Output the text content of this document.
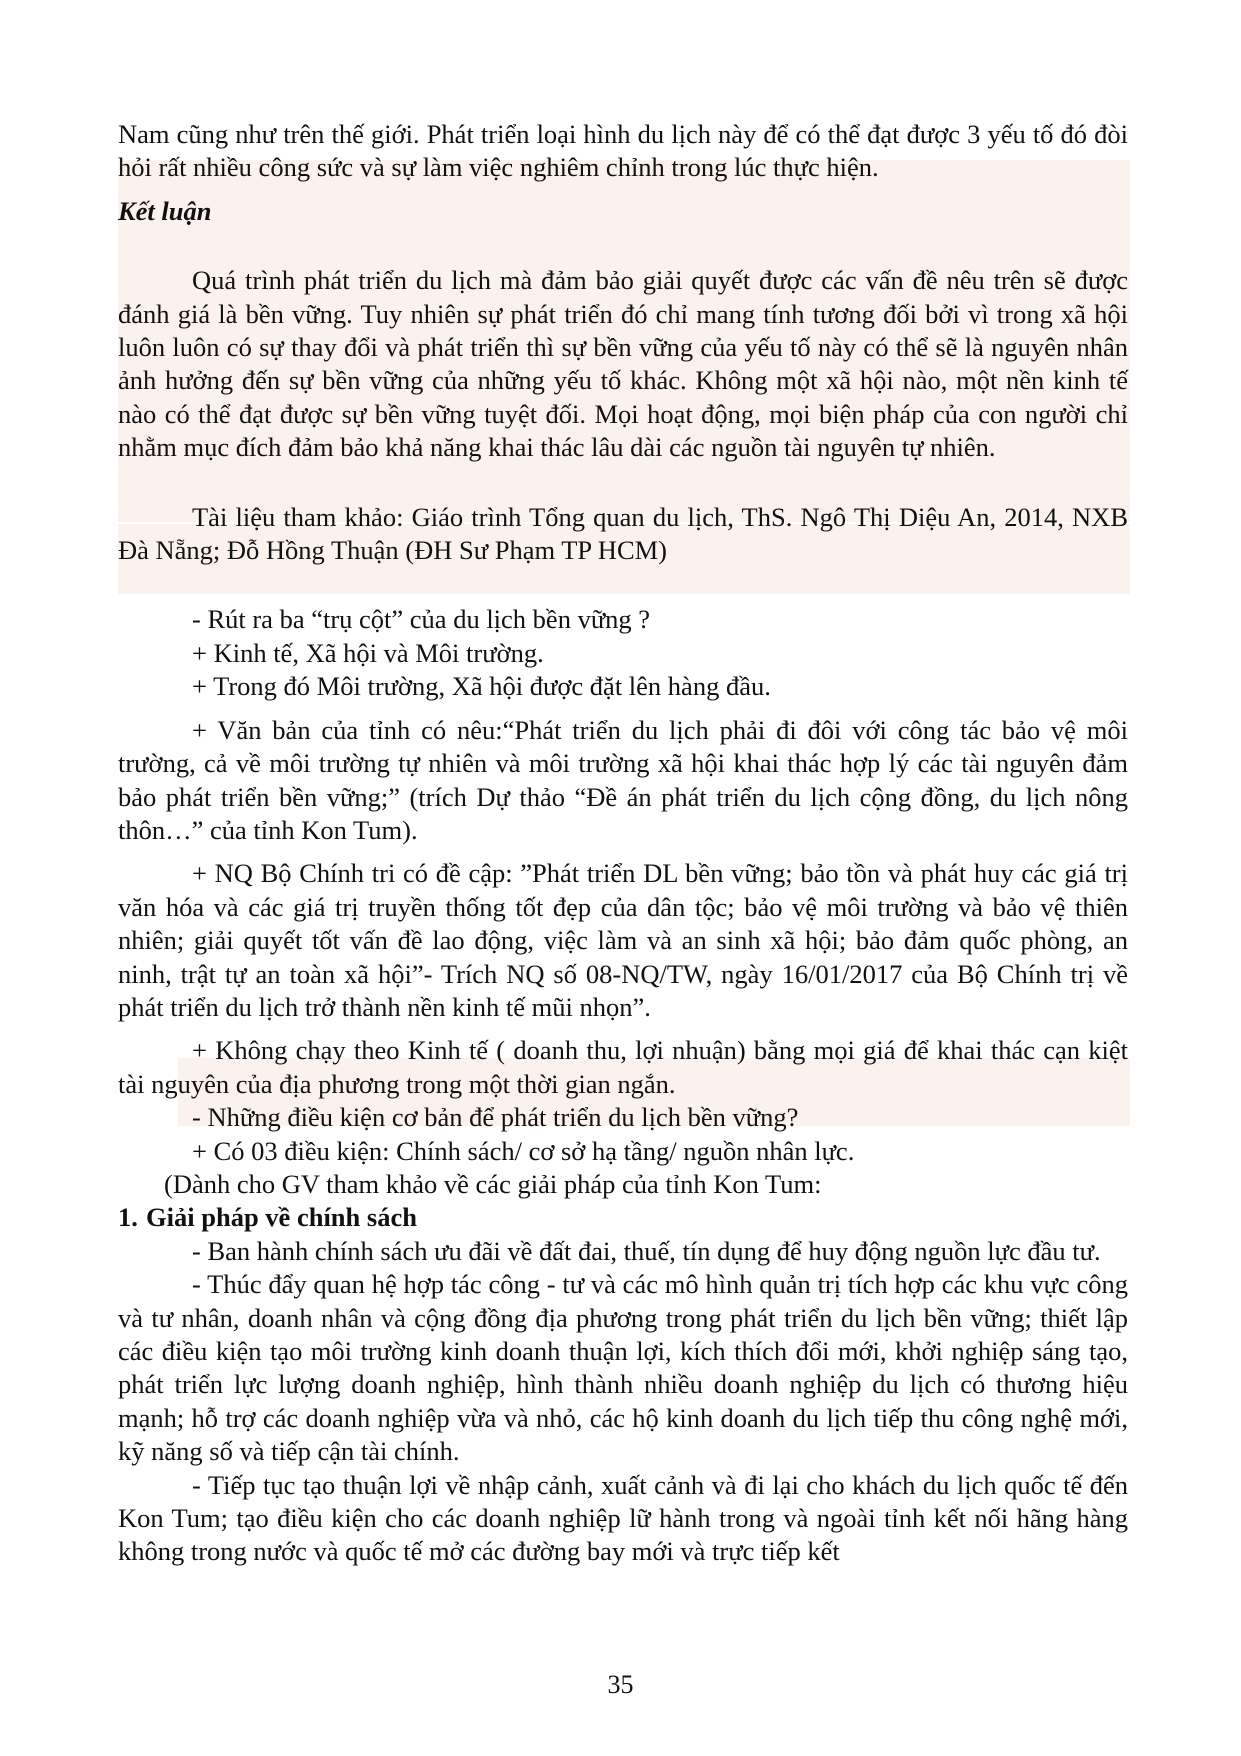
Nam cũng như trên thế giới. Phát triển loại hình du lịch này để có thể đạt được 3 yếu tố đó đòi hỏi rất nhiều công sức và sự làm việc nghiêm chỉnh trong lúc thực hiện.

Kết luận

Quá trình phát triển du lịch mà đảm bảo giải quyết được các vấn đề nêu trên sẽ được đánh giá là bền vững. Tuy nhiên sự phát triển đó chỉ mang tính tương đối bởi vì trong xã hội luôn luôn có sự thay đổi và phát triển thì sự bền vững của yếu tố này có thể sẽ là nguyên nhân ảnh hưởng đến sự bền vững của những yếu tố khác. Không một xã hội nào, một nền kinh tế nào có thể đạt được sự bền vững tuyệt đối. Mọi hoạt động, mọi biện pháp của con người chỉ nhằm mục đích đảm bảo khả năng khai thác lâu dài các nguồn tài nguyên tự nhiên.

Tài liệu tham khảo: Giáo trình Tổng quan du lịch, ThS. Ngô Thị Diệu An, 2014, NXB Đà Nẵng; Đỗ Hồng Thuận (ĐH Sư Phạm TP HCM)

- Rút ra ba “trụ cột” của du lịch bền vững ?

+ Kinh tế, Xã hội và Môi trường.

+ Trong đó Môi trường, Xã hội được đặt lên hàng đầu.

+ Văn bản của tỉnh có nêu:“Phát triển du lịch phải đi đôi với công tác bảo vệ môi trường, cả về môi trường tự nhiên và môi trường xã hội khai thác hợp lý các tài nguyên đảm bảo phát triển bền vững;” (trích Dự thảo “Đề án phát triển du lịch cộng đồng, du lịch nông thôn…” của tỉnh Kon Tum).

+ NQ Bộ Chính tri có đề cập: ”Phát triển DL bền vững; bảo tồn và phát huy các giá trị văn hóa và các giá trị truyền thống tốt đẹp của dân tộc; bảo vệ môi trường và bảo vệ thiên nhiên; giải quyết tốt vấn đề lao động, việc làm và an sinh xã hội; bảo đảm quốc phòng, an ninh, trật tự an toàn xã hội”- Trích NQ số 08-NQ/TW, ngày 16/01/2017 của Bộ Chính trị về phát triển du lịch trở thành nền kinh tế mũi nhọn”.

+ Không chạy theo Kinh tế ( doanh thu, lợi nhuận) bằng mọi giá để khai thác cạn kiệt tài nguyên của địa phương trong một thời gian ngắn.

- Những điều kiện cơ bản để phát triển du lịch bền vững?

+ Có 03 điều kiện: Chính sách/ cơ sở hạ tầng/ nguồn nhân lực.

(Dành cho GV tham khảo về các giải pháp của tỉnh Kon Tum:

1. Giải pháp về chính sách

- Ban hành chính sách ưu đãi về đất đai, thuế, tín dụng để huy động nguồn lực đầu tư.

- Thúc đẩy quan hệ hợp tác công - tư và các mô hình quản trị tích hợp các khu vực công và tư nhân, doanh nhân và cộng đồng địa phương trong phát triển du lịch bền vững; thiết lập các điều kiện tạo môi trường kinh doanh thuận lợi, kích thích đổi mới, khởi nghiệp sáng tạo, phát triển lực lượng doanh nghiệp, hình thành nhiều doanh nghiệp du lịch có thương hiệu mạnh; hỗ trợ các doanh nghiệp vừa và nhỏ, các hộ kinh doanh du lịch tiếp thu công nghệ mới, kỹ năng số và tiếp cận tài chính.

- Tiếp tục tạo thuận lợi về nhập cảnh, xuất cảnh và đi lại cho khách du lịch quốc tế đến Kon Tum; tạo điều kiện cho các doanh nghiệp lữ hành trong và ngoài tỉnh kết nối hãng hàng không trong nước và quốc tế mở các đường bay mới và trực tiếp kết

35
